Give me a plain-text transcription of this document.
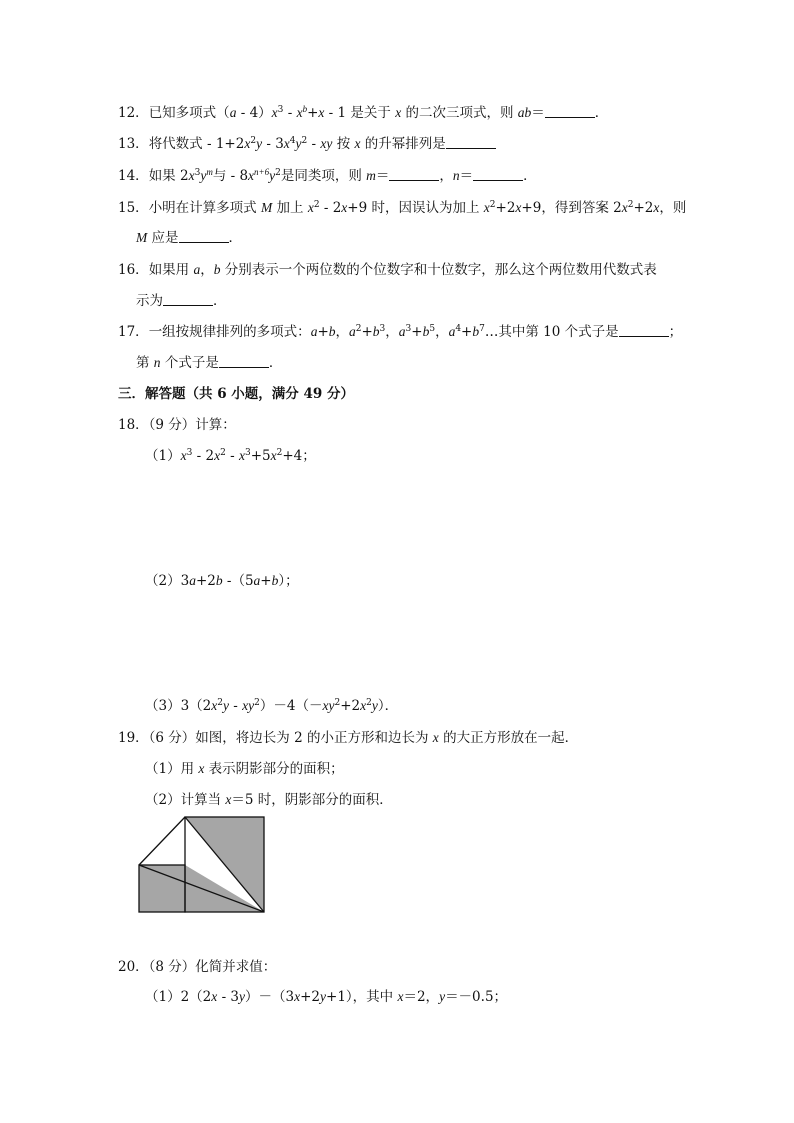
12．已知多项式$(a - 4)x^3 - x^b+x - 1$ 是关于 x 的二次三项式，则 ab＝	．
13．将代数式 - $1+2x^2y - 3x^4y^2$ - xy 按 x 的升幂排列是
14．如果 $2x^3y^m$与 - $8x^{n+6}y^2$是同类项，则 m＝	，n＝	．
15．小明在计算多项式 M 加上 $x^2 - 2x+9$ 时，因误认为加上 $x^2+2x+9$，得到答案 $2x^2+2x$，则
M 应是	．
16．如果用 a，b 分别表示一个两位数的个位数字和十位数字，那么这个两位数用代数式表
示为	．
17．一组按规律排列的多项式：a+b，$a^2+b^3$，$a^3+b^5$，$a^4+b^7\dots$其中第 10 个式子是	；
第 n 个式子是	．
三．解答题（共 6 小题，满分 49 分）
18．（9 分）计算：
$(1)x^3 - 2x^2 - x^3+5x^2+4$；
（2）3a+2b -（5a+b）；
$(3)3(2x^2y - xy^2)-4(-xy^2+2x^2y)$．
19．（6 分）如图，将边长为 2 的小正方形和边长为 x 的大正方形放在一起．
（1）用 x 表示阴影部分的面积；
（2）计算当 x＝5 时，阴影部分的面积．
20．（8 分）化简并求值：
（1）2（2x - 3y）－（3x+2y+1），其中 x＝2，y＝－0.5；
